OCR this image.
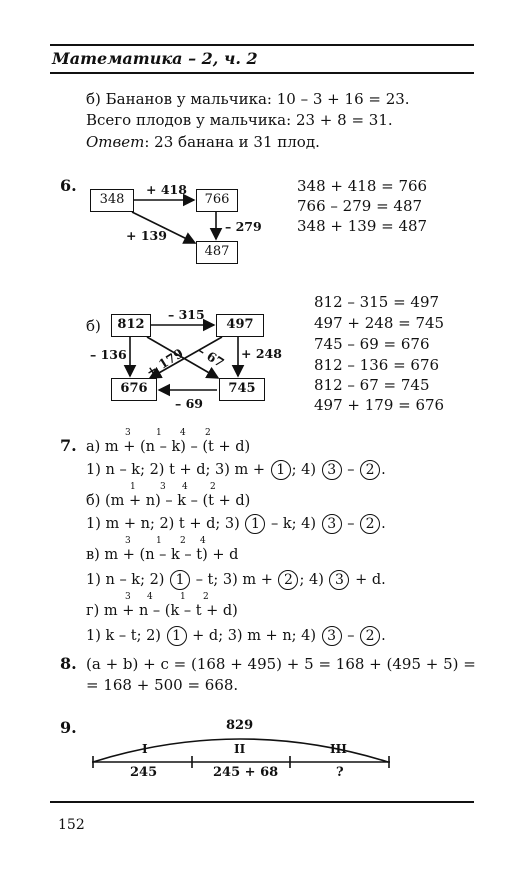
Математика – 2, ч. 2
б) Бананов у мальчика: 10 – 3 + 16 = 23.
Всего плодов у мальчика: 23 + 8 = 31.
Ответ: 23 банана и 31 плод.
6.
348	766
487
+ 418
– 279
+ 139
348 + 418 = 766
766 – 279 = 487
348 + 139 = 487
б)	812	497
676	745
– 315
– 136	+ 248
+ 179 – 67
– 69
812 – 315 = 497
497 + 248 = 745
745 – 69 = 676
812 – 136 = 676
812 – 67 = 745
497 + 179 = 676
7. а) m + (n – k) – (t + d)
3	1 4 2
1) n – k; 2) t + d; 3) m + 1 ; 4) 3 – 2 .
б) (m + n) – k – (t + d)
1	3 4 2
1) m + n; 2) t + d; 3) 1 – k; 4) 3 – 2 .
в) m + (n – k – t) + d
3	1 2 4
1) n – k; 2) 1 – t; 3) m + 2 ; 4) 3 + d.
г) m + n – (k – t + d)
3 4	1 2
1) k – t; 2) 1 + d; 3) m + n; 4) 3 – 2 .
8. (a + b) + c = (168 + 495) + 5 = 168 + (495 + 5) =
= 168 + 500 = 668.
9.	829
I	II	III
245	245 + 68	?
152
